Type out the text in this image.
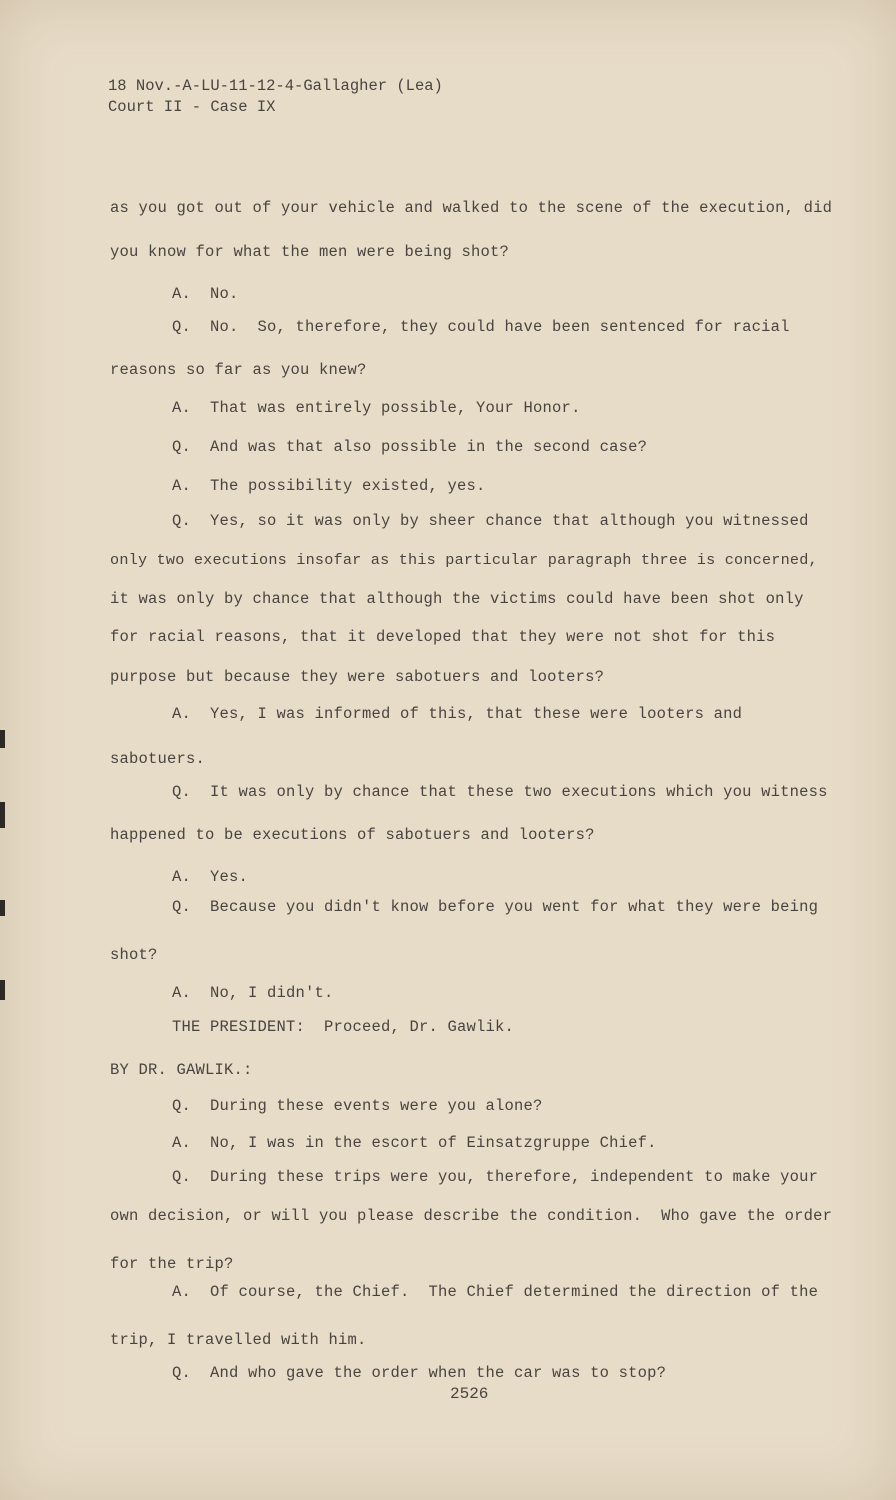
18 Nov.-A-LU-11-12-4-Gallagher (Lea)
Court II - Case IX
as you got out of your vehicle and walked to the scene of the execution, did
you know for what the men were being shot?
A.  No.
Q.  No.  So, therefore, they could have been sentenced for racial
reasons so far as you knew?
A.  That was entirely possible, Your Honor.
Q.  And was that also possible in the second case?
A.  The possibility existed, yes.
Q.  Yes, so it was only by sheer chance that although you witnessed
only two executions insofar as this particular paragraph three is concerned,
it was only by chance that although the victims could have been shot only
for racial reasons, that it developed that they were not shot for this
purpose but because they were sabotuers and looters?
A.  Yes, I was informed of this, that these were looters and
sabotuers.
Q.  It was only by chance that these two executions which you witness
happened to be executions of sabotuers and looters?
A.  Yes.
Q.  Because you didn't know before you went for what they were being
shot?
A.  No, I didn't.
THE PRESIDENT:  Proceed, Dr. Gawlik.
BY DR. GAWLIK.:
Q.  During these events were you alone?
A.  No, I was in the escort of Einsatzgruppe Chief.
Q.  During these trips were you, therefore, independent to make your
own decision, or will you please describe the condition.  Who gave the order
for the trip?
A.  Of course, the Chief.  The Chief determined the direction of the
trip, I travelled with him.
Q.  And who gave the order when the car was to stop?
2526
